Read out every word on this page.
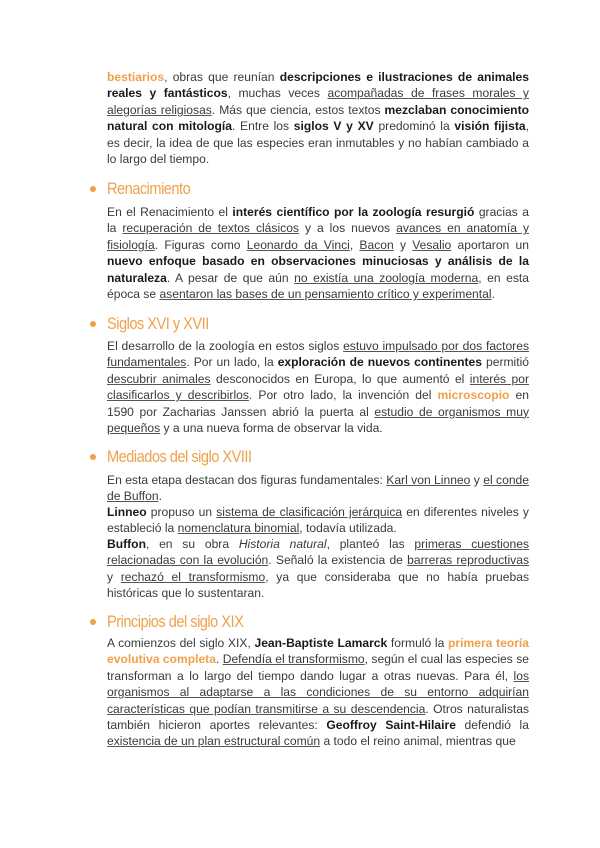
bestiarios, obras que reunían descripciones e ilustraciones de animales reales y fantásticos, muchas veces acompañadas de frases morales y alegorías religiosas. Más que ciencia, estos textos mezclaban conocimiento natural con mitología. Entre los siglos V y XV predominó la visión fijista, es decir, la idea de que las especies eran inmutables y no habían cambiado a lo largo del tiempo.
Renacimiento
En el Renacimiento el interés científico por la zoología resurgió gracias a la recuperación de textos clásicos y a los nuevos avances en anatomía y fisiología. Figuras como Leonardo da Vinci, Bacon y Vesalio aportaron un nuevo enfoque basado en observaciones minuciosas y análisis de la naturaleza. A pesar de que aún no existía una zoología moderna, en esta época se asentaron las bases de un pensamiento crítico y experimental.
Siglos XVI y XVII
El desarrollo de la zoología en estos siglos estuvo impulsado por dos factores fundamentales. Por un lado, la exploración de nuevos continentes permitió descubrir animales desconocidos en Europa, lo que aumentó el interés por clasificarlos y describirlos. Por otro lado, la invención del microscopio en 1590 por Zacharias Janssen abrió la puerta al estudio de organismos muy pequeños y a una nueva forma de observar la vida.
Mediados del siglo XVIII
En esta etapa destacan dos figuras fundamentales: Karl von Linneo y el conde de Buffon.
Linneo propuso un sistema de clasificación jerárquica en diferentes niveles y estableció la nomenclatura binomial, todavía utilizada.
Buffon, en su obra Historia natural, planteó las primeras cuestiones relacionadas con la evolución. Señaló la existencia de barreras reproductivas y rechazó el transformismo, ya que consideraba que no había pruebas históricas que lo sustentaran.
Principios del siglo XIX
A comienzos del siglo XIX, Jean-Baptiste Lamarck formuló la primera teoría evolutiva completa. Defendía el transformismo, según el cual las especies se transforman a lo largo del tiempo dando lugar a otras nuevas. Para él, los organismos al adaptarse a las condiciones de su entorno adquirían características que podían transmitirse a su descendencia. Otros naturalistas también hicieron aportes relevantes: Geoffroy Saint-Hilaire defendió la existencia de un plan estructural común a todo el reino animal, mientras que
